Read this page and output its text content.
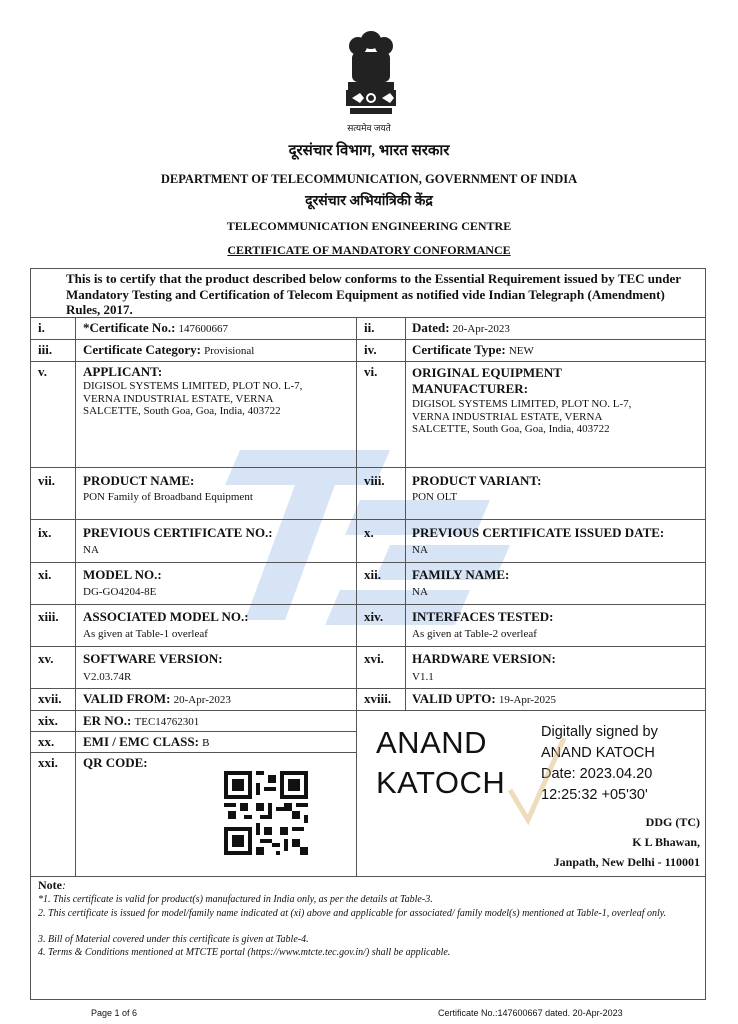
सत्यमेव जयते
दूरसंचार विभाग, भारत सरकार
DEPARTMENT OF TELECOMMUNICATION, GOVERNMENT OF INDIA
दूरसंचार अभियांत्रिकी केंद्र
TELECOMMUNICATION ENGINEERING CENTRE
CERTIFICATE OF MANDATORY CONFORMANCE
This is to certify that the product described below conforms to the Essential Requirement issued by TEC under Mandatory Testing and Certification of Telecom Equipment as notified vide Indian Telegraph (Amendment) Rules, 2017.
i.	*Certificate No.: 147600667	ii.	Dated: 20-Apr-2023
iii. Certificate Category: Provisional	iv.	Certificate Type: NEW
v.	APPLICANT:
DIGISOL SYSTEMS LIMITED, PLOT NO. L-7,
VERNA INDUSTRIAL ESTATE, VERNA
SALCETTE, South Goa, Goa, India, 403722
vi.	ORIGINAL EQUIPMENT
MANUFACTURER:
DIGISOL SYSTEMS LIMITED, PLOT NO. L-7,
VERNA INDUSTRIAL ESTATE, VERNA
SALCETTE, South Goa, Goa, India, 403722
vii. PRODUCT NAME:
PON Family of Broadband Equipment
viii. PRODUCT VARIANT:
PON OLT
ix. PREVIOUS CERTIFICATE NO.:
NA
x.	PREVIOUS CERTIFICATE ISSUED DATE:
NA
xi. MODEL NO.:
DG-GO4204-8E
xii. FAMILY NAME:
NA
xiii. ASSOCIATED MODEL NO.:
As given at Table-1 overleaf
xiv. INTERFACES TESTED:
As given at Table-2 overleaf
xv. SOFTWARE VERSION:
V2.03.74R
xvi. HARDWARE VERSION:
V1.1
xvii. VALID FROM: 20-Apr-2023	xviii. VALID UPTO: 19-Apr-2025
xix. ER NO.: TEC14762301
xx. EMI / EMC CLASS: B
xxi. QR CODE:
ANAND
KATOCH
Digitally signed by
ANAND KATOCH
Date: 2023.04.20
12:25:32 +05'30'
DDG (TC)
K L Bhawan,
Janpath, New Delhi - 110001
Note:
*1. This certificate is valid for product(s) manufactured in India only, as per the details at Table-3.
2. This certificate is issued for model/family name indicated at (xi) above and applicable for associated/ family model(s) mentioned at Table-1, overleaf only.
3. Bill of Material covered under this certificate is given at Table-4.
4. Terms & Conditions mentioned at MTCTE portal (https://www.mtcte.tec.gov.in/) shall be applicable.
Page 1 of 6	Certificate No.:147600667 dated. 20-Apr-2023
